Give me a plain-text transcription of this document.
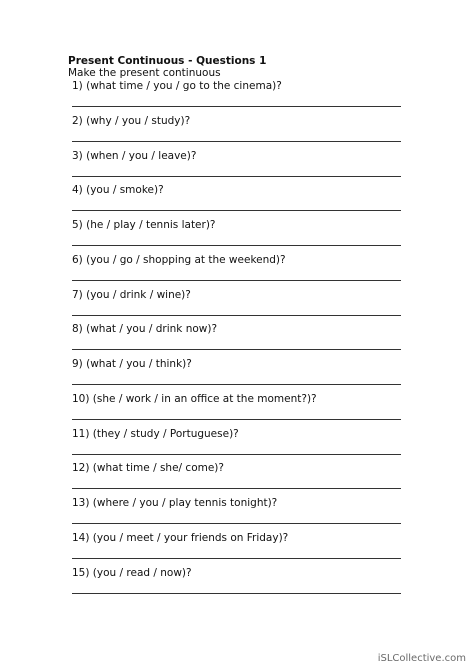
Present Continuous - Questions 1
Make the present continuous
1) (what time / you / go to the cinema)?
2) (why / you / study)?
3) (when / you / leave)?
4) (you / smoke)?
5) (he / play / tennis later)?
6) (you / go / shopping at the weekend)?
7) (you / drink / wine)?
8) (what / you / drink now)?
9) (what / you / think)?
10) (she / work / in an office at the moment?)?
11) (they / study / Portuguese)?
12) (what time / she/ come)?
13) (where / you / play tennis tonight)?
14) (you / meet / your friends on Friday)?
15) (you / read / now)?
iSLCollective.com
